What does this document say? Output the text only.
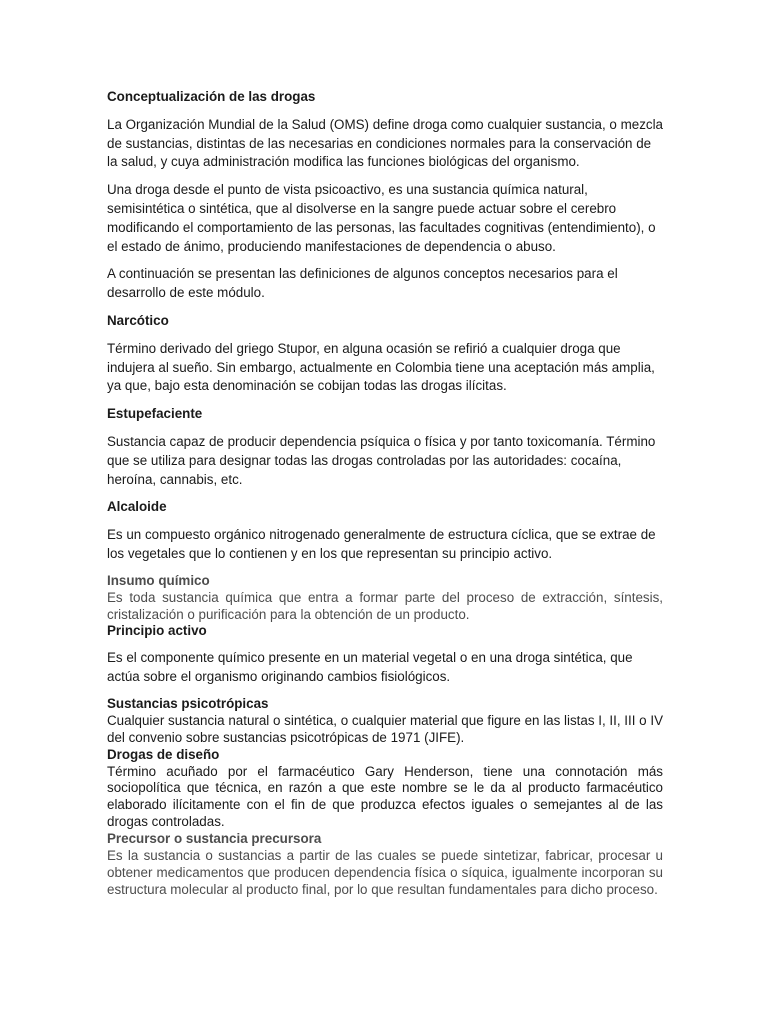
Conceptualización de las drogas

La Organización Mundial de la Salud (OMS) define droga como cualquier sustancia, o mezcla de sustancias, distintas de las necesarias en condiciones normales para la conservación de la salud, y cuya administración modifica las funciones biológicas del organismo.

Una droga desde el punto de vista psicoactivo, es una sustancia química natural, semisintética o sintética, que al disolverse en la sangre puede actuar sobre el cerebro modificando el comportamiento de las personas, las facultades cognitivas (entendimiento), o el estado de ánimo, produciendo manifestaciones de dependencia o abuso.

A continuación se presentan las definiciones de algunos conceptos necesarios para el desarrollo de este módulo.

Narcótico

Término derivado del griego Stupor, en alguna ocasión se refirió a cualquier droga que indujera al sueño. Sin embargo, actualmente en Colombia tiene una aceptación más amplia, ya que, bajo esta denominación se cobijan todas las drogas ilícitas.

Estupefaciente

Sustancia capaz de producir dependencia psíquica o física y por tanto toxicomanía. Término que se utiliza para designar todas las drogas controladas por las autoridades: cocaína, heroína, cannabis, etc.

Alcaloide

Es un compuesto orgánico nitrogenado generalmente de estructura cíclica, que se extrae de los vegetales que lo contienen y en los que representan su principio activo.

Insumo químico

Es toda sustancia química que entra a formar parte del proceso de extracción, síntesis, cristalización o purificación para la obtención de un producto.

Principio activo

Es el componente químico presente en un material vegetal o en una droga sintética, que actúa sobre el organismo originando cambios fisiológicos.

Sustancias psicotrópicas

Cualquier sustancia natural o sintética, o cualquier material que figure en las listas I, II, III o IV del convenio sobre sustancias psicotrópicas de 1971 (JIFE).

Drogas de diseño

Término acuñado por el farmacéutico Gary Henderson, tiene una connotación más sociopolítica que técnica, en razón a que este nombre se le da al producto farmacéutico elaborado ilícitamente con el fin de que produzca efectos iguales o semejantes al de las drogas controladas.

Precursor o sustancia precursora

Es la sustancia o sustancias a partir de las cuales se puede sintetizar, fabricar, procesar u obtener medicamentos que producen dependencia física o síquica, igualmente incorporan su estructura molecular al producto final, por lo que resultan fundamentales para dicho proceso.
